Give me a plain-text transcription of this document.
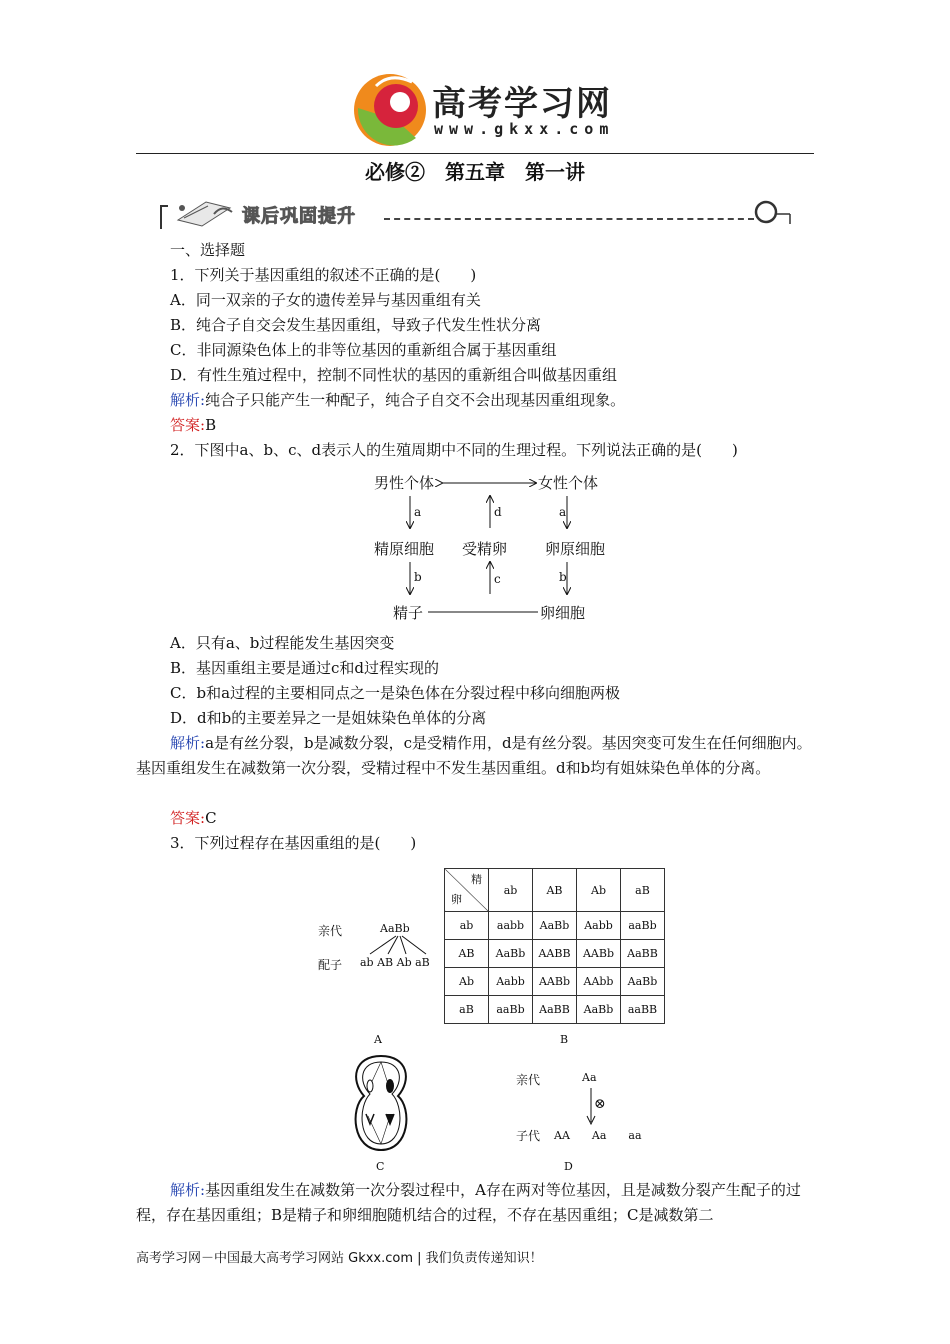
高考学习网
www.gkxx.com
必修②　第五章　第一讲
课后巩固提升
一、选择题
1．下列关于基因重组的叙述不正确的是(　　)
A．同一双亲的子女的遗传差异与基因重组有关
B．纯合子自交会发生基因重组，导致子代发生性状分离
C．非同源染色体上的非等位基因的重新组合属于基因重组
D．有性生殖过程中，控制不同性状的基因的重新组合叫做基因重组
解析:纯合子只能产生一种配子，纯合子自交不会出现基因重组现象。
答案:B
2．下图中a、b、c、d表示人的生殖周期中不同的生理过程。下列说法正确的是(　　)
男性个体	女性个体
精原细胞 受精卵	卵原细胞
精子	卵细胞
a	d	a
b	c	b
A．只有a、b过程能发生基因突变
B．基因重组主要是通过c和d过程实现的
C．b和a过程的主要相同点之一是染色体在分裂过程中移向细胞两极
D．d和b的主要差异之一是姐妹染色单体的分离
解析:a是有丝分裂，b是减数分裂，c是受精作用，d是有丝分裂。基因突变可发生在任何细胞内。基因重组发生在减数第一次分裂，受精过程中不发生基因重组。d和b均有姐妹染色单体的分离。
答案:C
3．下列过程存在基因重组的是(　　)
亲代	AaBb
配子 ab AB Ab aB
A
精
卵	ab	AB	Ab	aB
ab	aabb	AaBb	Aabb	aaBb
AB	AaBb	AABB	AABb	AaBB
Ab	Aabb	AABb	AAbb	AaBb
aB	aaBb	AaBB	AaBb	aaBB
B
C
亲代	Aa
⊗
子代 AA　　Aa　　aa
D
解析:基因重组发生在减数第一次分裂过程中，A存在两对等位基因，且是减数分裂产生配子的过程，存在基因重组；B是精子和卵细胞随机结合的过程，不存在基因重组；C是减数第二
高考学习网－中国最大高考学习网站 Gkxx.com | 我们负责传递知识！
